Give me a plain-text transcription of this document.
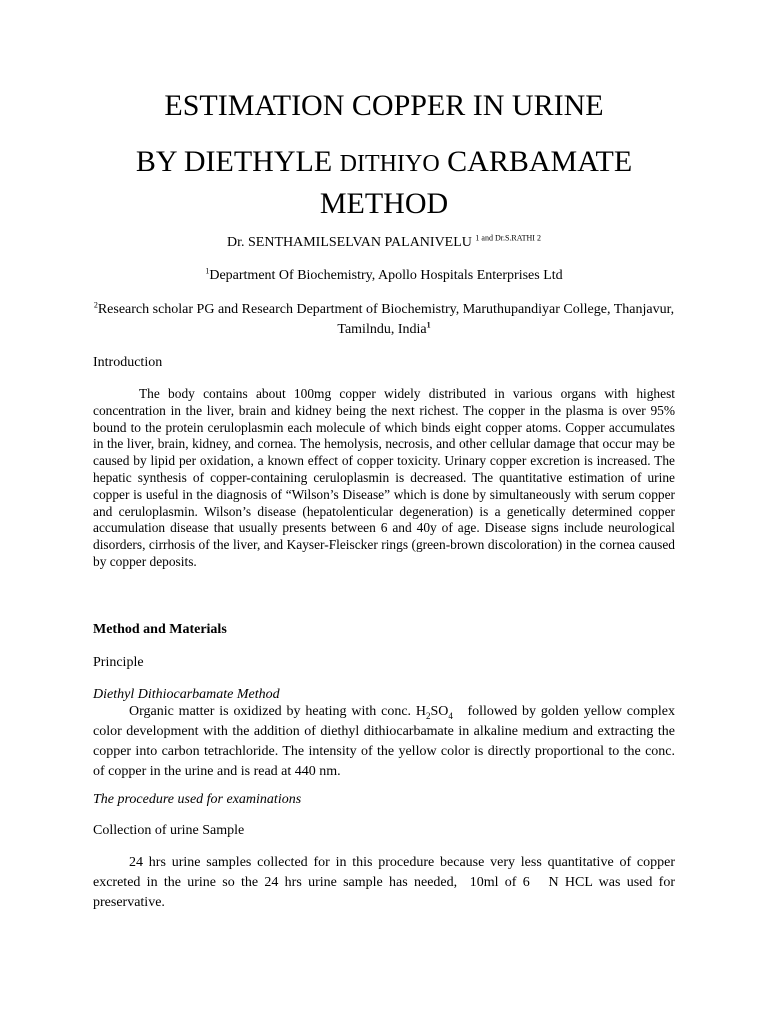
ESTIMATION COPPER IN URINE
BY DIETHYLE DITHIYO CARBAMATE
METHOD
Dr. SENTHAMILSELVAN PALANIVELU $^{1 and Dr.S.RATHI 2}$
$^1$Department Of Biochemistry, Apollo Hospitals Enterprises Ltd
$^2$Research scholar PG and Research Department of Biochemistry, Maruthupandiyar College, Thanjavur, Tamilndu, India$^1$
Introduction
The body contains about 100mg copper widely distributed in various organs with highest concentration in the liver, brain and kidney being the next richest. The copper in the plasma is over 95% bound to the protein ceruloplasmin each molecule of which binds eight copper atoms. Copper accumulates in the liver, brain, kidney, and cornea. The hemolysis, necrosis, and other cellular damage that occur may be caused by lipid per oxidation, a known effect of copper toxicity. Urinary copper excretion is increased. The hepatic synthesis of copper-containing ceruloplasmin is decreased. The quantitative estimation of urine copper is useful in the diagnosis of “Wilson’s Disease” which is done by simultaneously with serum copper and ceruloplasmin. Wilson’s disease (hepatolenticular degeneration) is a genetically determined copper accumulation disease that usually presents between 6 and 40y of age. Disease signs include neurological disorders, cirrhosis of the liver, and Kayser-Fleiscker rings (green-brown discoloration) in the cornea caused by copper deposits.
Method and Materials
Principle
Diethyl Dithiocarbamate Method
Organic matter is oxidized by heating with conc. $H_2SO_4$   followed by golden yellow complex color development with the addition of diethyl dithiocarbamate in alkaline medium and extracting the copper into carbon tetrachloride. The intensity of the yellow color is directly proportional to the conc. of copper in the urine and is read at 440 nm.
The procedure used for examinations
Collection of urine Sample
24 hrs urine samples collected for in this procedure because very less quantitative of copper excreted in the urine so the 24 hrs urine sample has needed,  10ml of 6   N HCL was used for preservative.
